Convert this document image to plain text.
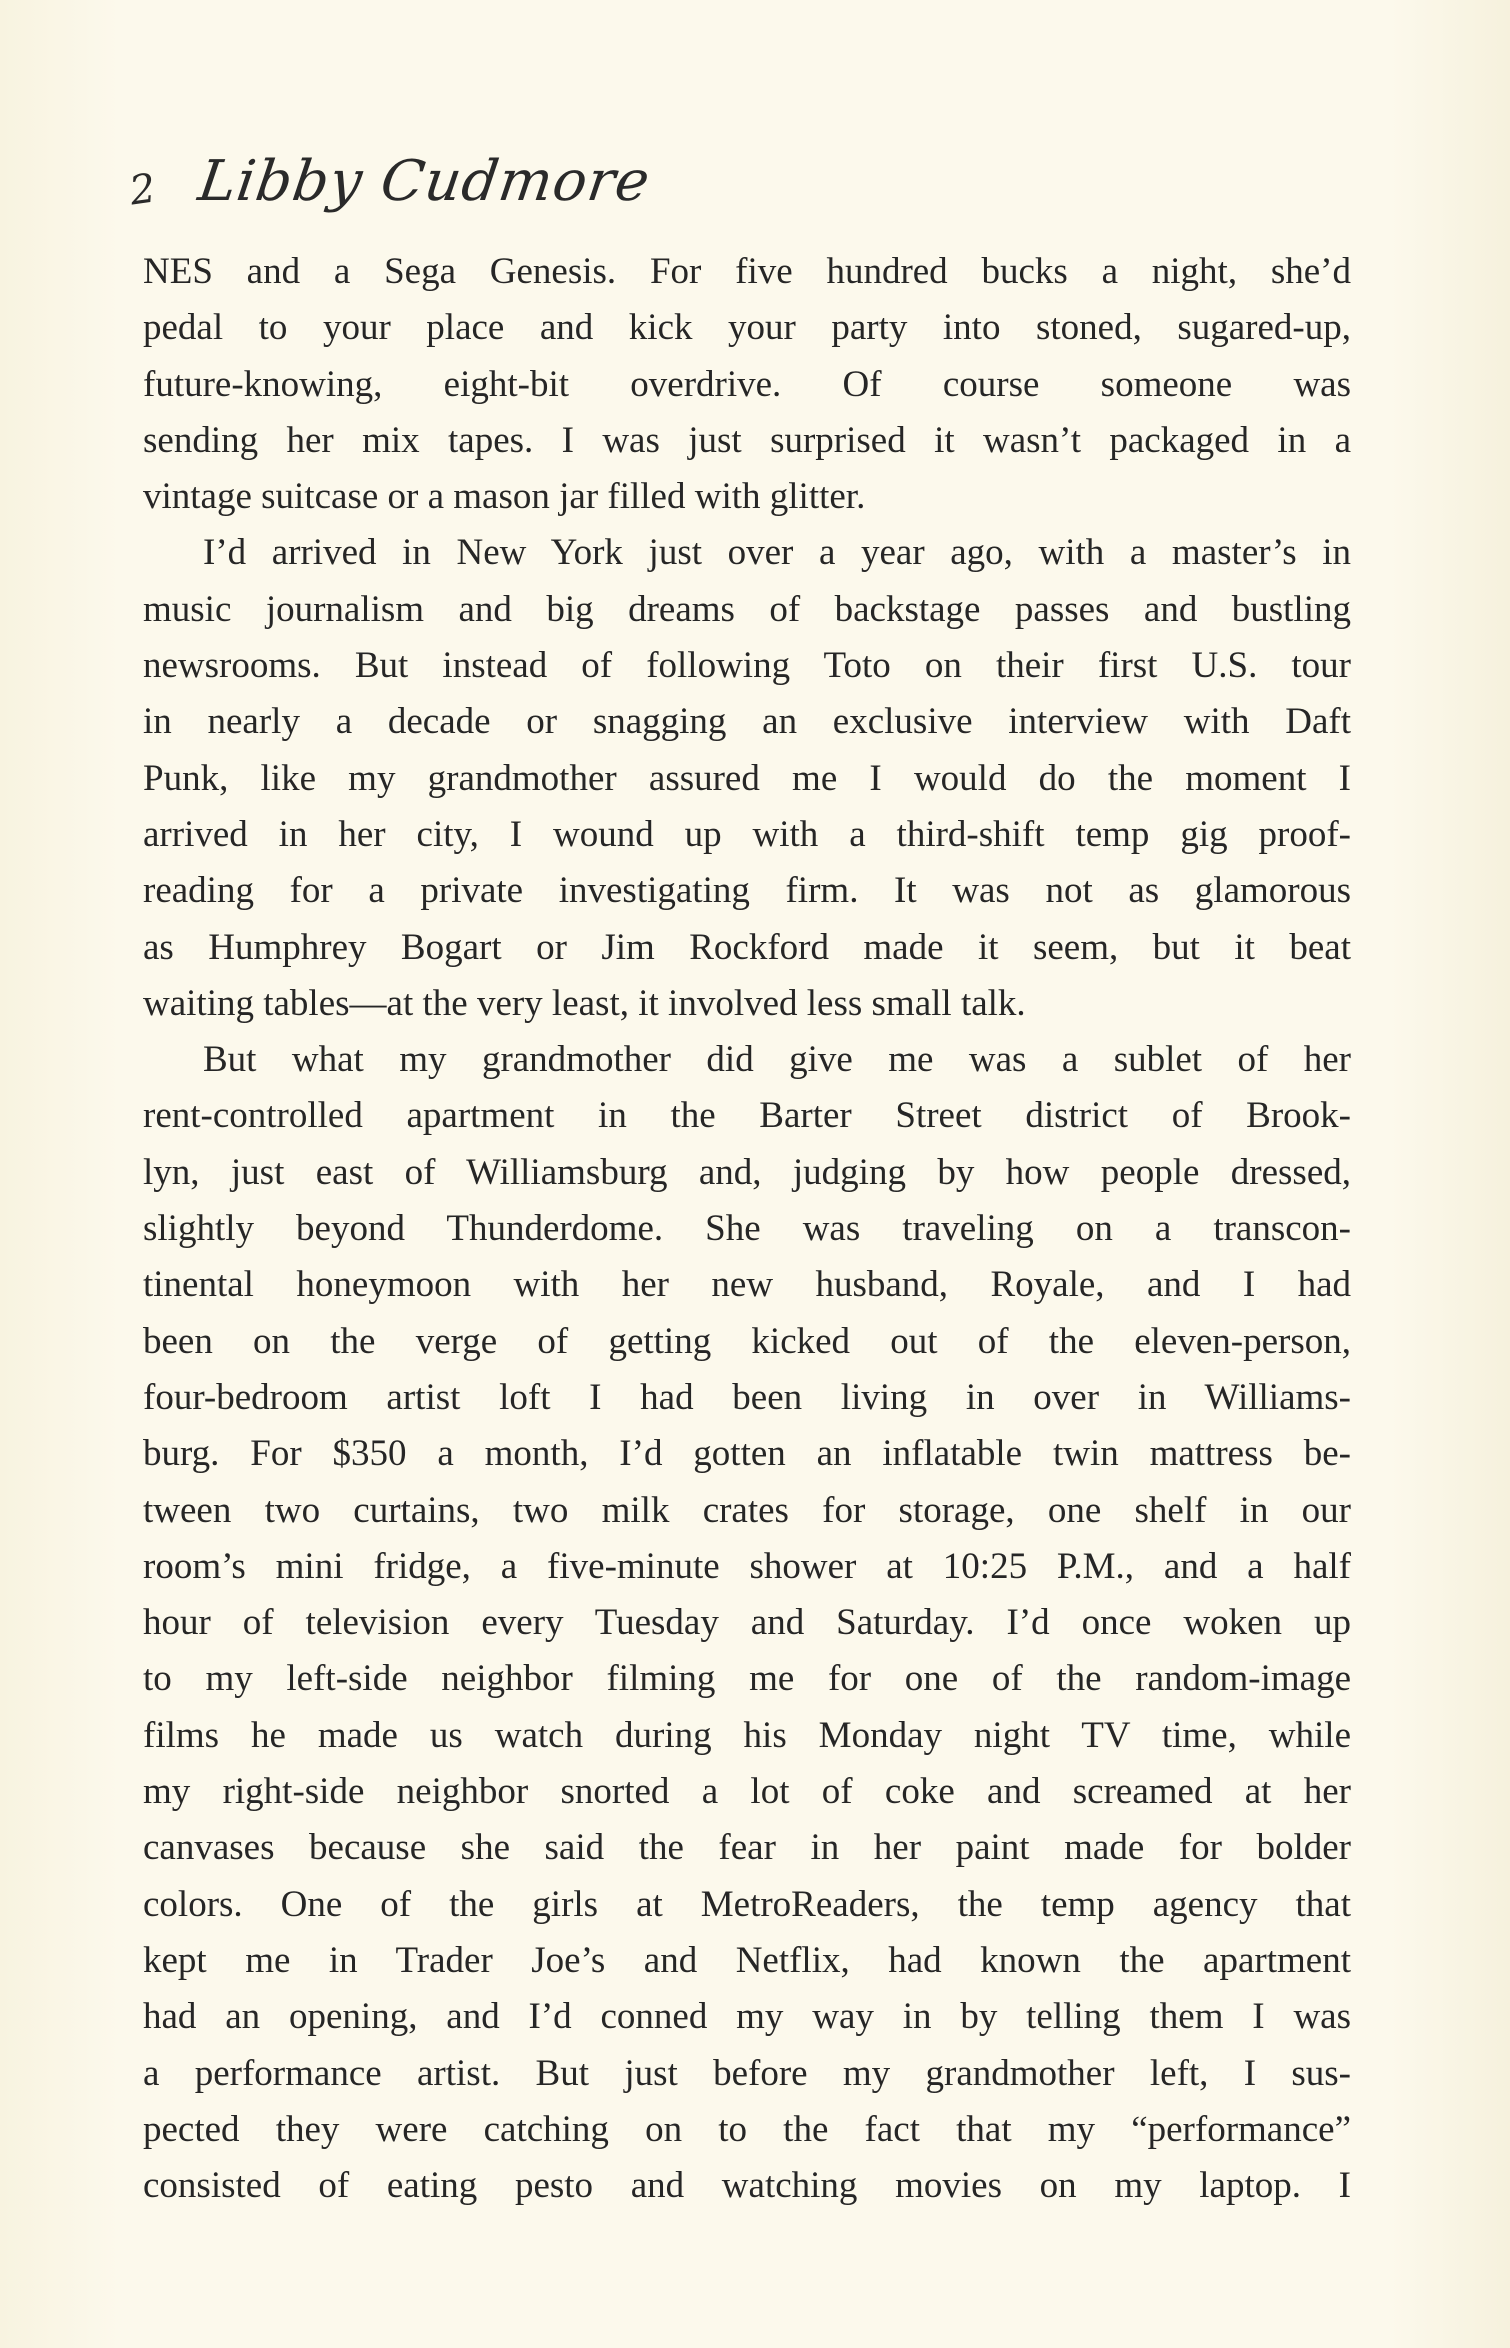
2 Libby Cudmore
NES and a Sega Genesis. For five hundred bucks a night, she’d
pedal to your place and kick your party into stoned, sugared-up,
future-knowing, eight-bit overdrive. Of course someone was
sending her mix tapes. I was just surprised it wasn’t packaged in a
vintage suitcase or a mason jar filled with glitter.
I’d arrived in New York just over a year ago, with a master’s in
music journalism and big dreams of backstage passes and bustling
newsrooms. But instead of following Toto on their first U.S. tour
in nearly a decade or snagging an exclusive interview with Daft
Punk, like my grandmother assured me I would do the moment I
arrived in her city, I wound up with a third-shift temp gig proof-
reading for a private investigating firm. It was not as glamorous
as Humphrey Bogart or Jim Rockford made it seem, but it beat
waiting tables—at the very least, it involved less small talk.
But what my grandmother did give me was a sublet of her
rent-controlled apartment in the Barter Street district of Brook-
lyn, just east of Williamsburg and, judging by how people dressed,
slightly beyond Thunderdome. She was traveling on a transcon-
tinental honeymoon with her new husband, Royale, and I had
been on the verge of getting kicked out of the eleven-person,
four-bedroom artist loft I had been living in over in Williams-
burg. For $350 a month, I’d gotten an inflatable twin mattress be-
tween two curtains, two milk crates for storage, one shelf in our
room’s mini fridge, a five-minute shower at 10:25 P.M., and a half
hour of television every Tuesday and Saturday. I’d once woken up
to my left-side neighbor filming me for one of the random-image
films he made us watch during his Monday night TV time, while
my right-side neighbor snorted a lot of coke and screamed at her
canvases because she said the fear in her paint made for bolder
colors. One of the girls at MetroReaders, the temp agency that
kept me in Trader Joe’s and Netflix, had known the apartment
had an opening, and I’d conned my way in by telling them I was
a performance artist. But just before my grandmother left, I sus-
pected they were catching on to the fact that my “performance”
consisted of eating pesto and watching movies on my laptop. I
